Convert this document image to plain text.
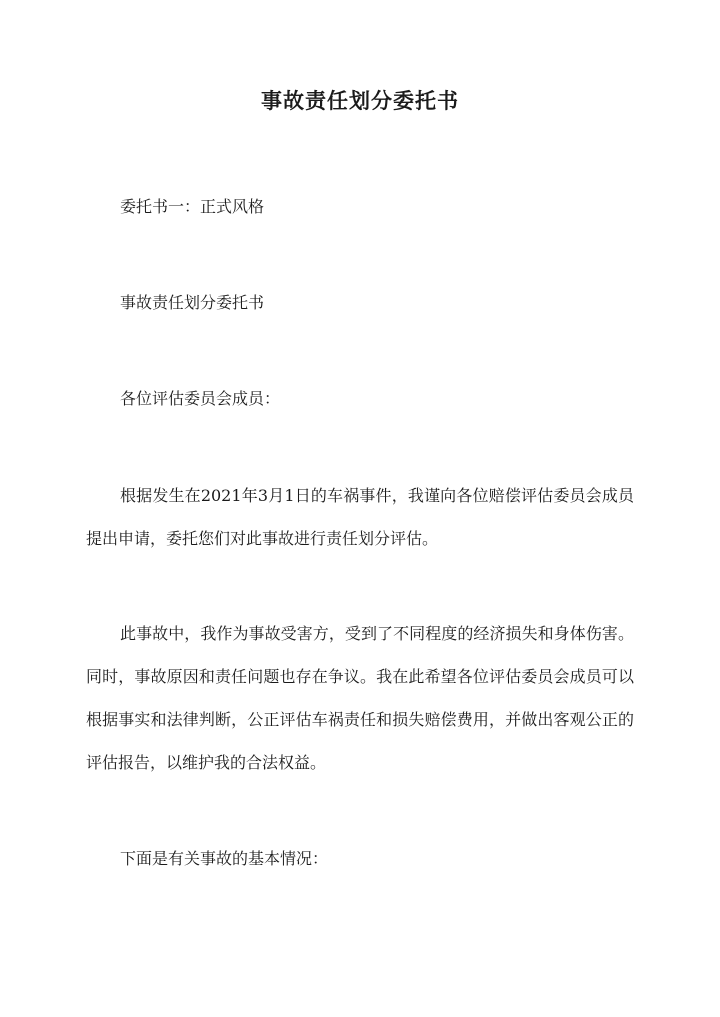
事故责任划分委托书

委托书一：正式风格

事故责任划分委托书

各位评估委员会成员：

根据发生在2021年3月1日的车祸事件，我谨向各位赔偿评估委员会成员提出申请，委托您们对此事故进行责任划分评估。

此事故中，我作为事故受害方，受到了不同程度的经济损失和身体伤害。同时，事故原因和责任问题也存在争议。我在此希望各位评估委员会成员可以根据事实和法律判断，公正评估车祸责任和损失赔偿费用，并做出客观公正的评估报告，以维护我的合法权益。

下面是有关事故的基本情况：
